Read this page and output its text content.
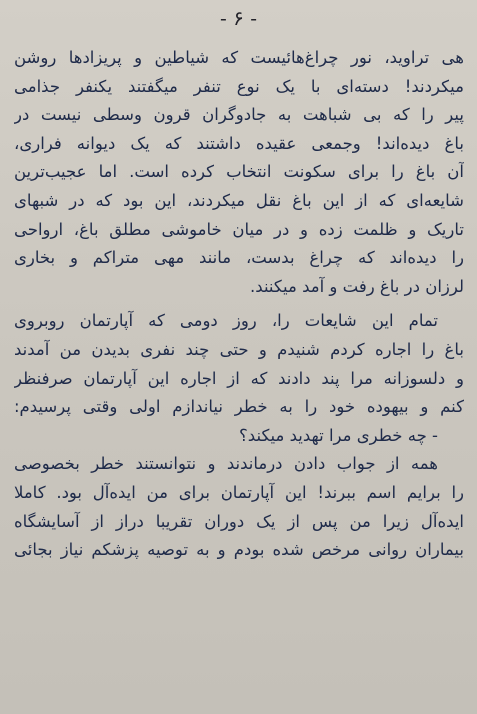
- ۶ -
هی تراوید، نور چراغ‌هائیست که شیاطین و پریزادها روشن
میکردند! دسته‌ای با یک نوع تنفر میگفتند یکنفر جذامی
پیر را که بی شباهت به جادوگران قرون وسطی نیست در
باغ دیده‌اند! وجمعی عقیده داشتند که یک دیوانه فراری،
آن باغ را برای سکونت انتخاب کرده است. اما عجیب‌ترین
شایعه‌ای که از این باغ نقل میکردند، این بود که در شبهای
تاریک و ظلمت زده و در میان خاموشی مطلق باغ، ارواحی
را دیده‌اند که چراغ بدست، مانند مهی متراکم و بخاری
لرزان در باغ رفت و آمد میکنند.
تمام این شایعات را، روز دومی که آپارتمان روبروی
باغ را اجاره کردم شنیدم و حتی چند نفری بدیدن من آمدند
و دلسوزانه مرا پند دادند که از اجاره این آپارتمان صرفنظر
کنم و بیهوده خود را به خطر نیاندازم اولی وقتی پرسیدم:
- چه خطری مرا تهدید میکند؟
همه از جواب دادن درماندند و نتوانستند خطر بخصوصی
را برایم اسم ببرند! این آپارتمان برای من ایده‌آل بود. کاملا
ایده‌آل زیرا من پس از یک دوران تقریبا دراز از آسایشگاه
بیماران روانی مرخص شده بودم و به توصیه پزشکم نیاز بجائی
